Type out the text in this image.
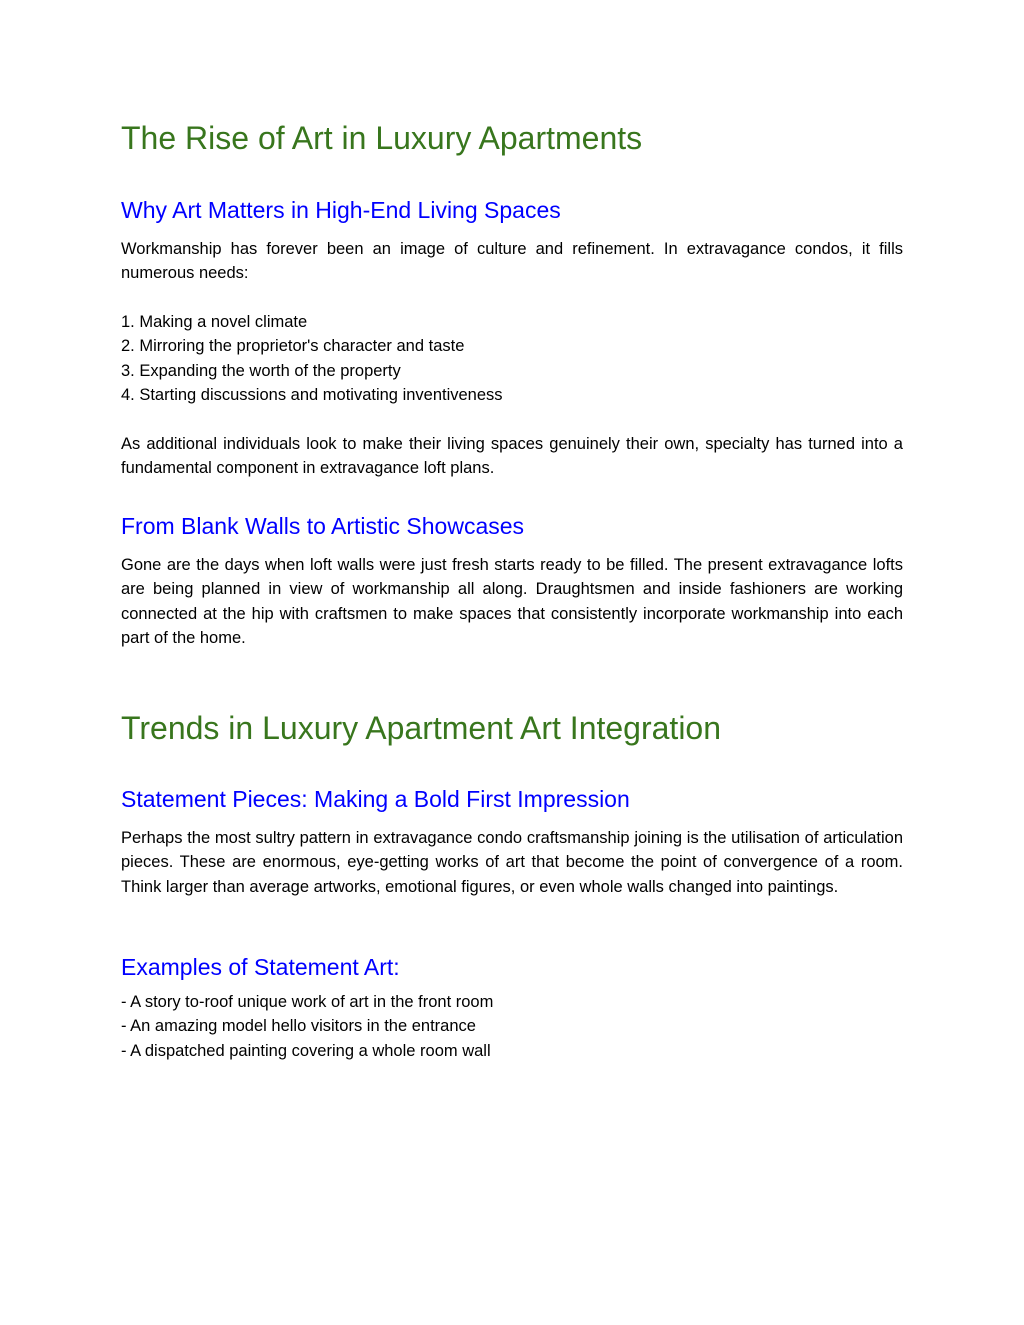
The Rise of Art in Luxury Apartments
Why Art Matters in High-End Living Spaces

Workmanship has forever been an image of culture and refinement. In extravagance condos, it fills numerous needs:

1. Making a novel climate
2. Mirroring the proprietor's character and taste
3. Expanding the worth of the property
4. Starting discussions and motivating inventiveness

As additional individuals look to make their living spaces genuinely their own, specialty has turned into a fundamental component in extravagance loft plans.

From Blank Walls to Artistic Showcases

Gone are the days when loft walls were just fresh starts ready to be filled. The present extravagance lofts are being planned in view of workmanship all along. Draughtsmen and inside fashioners are working connected at the hip with craftsmen to make spaces that consistently incorporate workmanship into each part of the home.

Trends in Luxury Apartment Art Integration
Statement Pieces: Making a Bold First Impression

Perhaps the most sultry pattern in extravagance condo craftsmanship joining is the utilisation of articulation pieces. These are enormous, eye-getting works of art that become the point of convergence of a room. Think larger than average artworks, emotional figures, or even whole walls changed into paintings.

Examples of Statement Art:
- A story to-roof unique work of art in the front room
- An amazing model hello visitors in the entrance
- A dispatched painting covering a whole room wall
